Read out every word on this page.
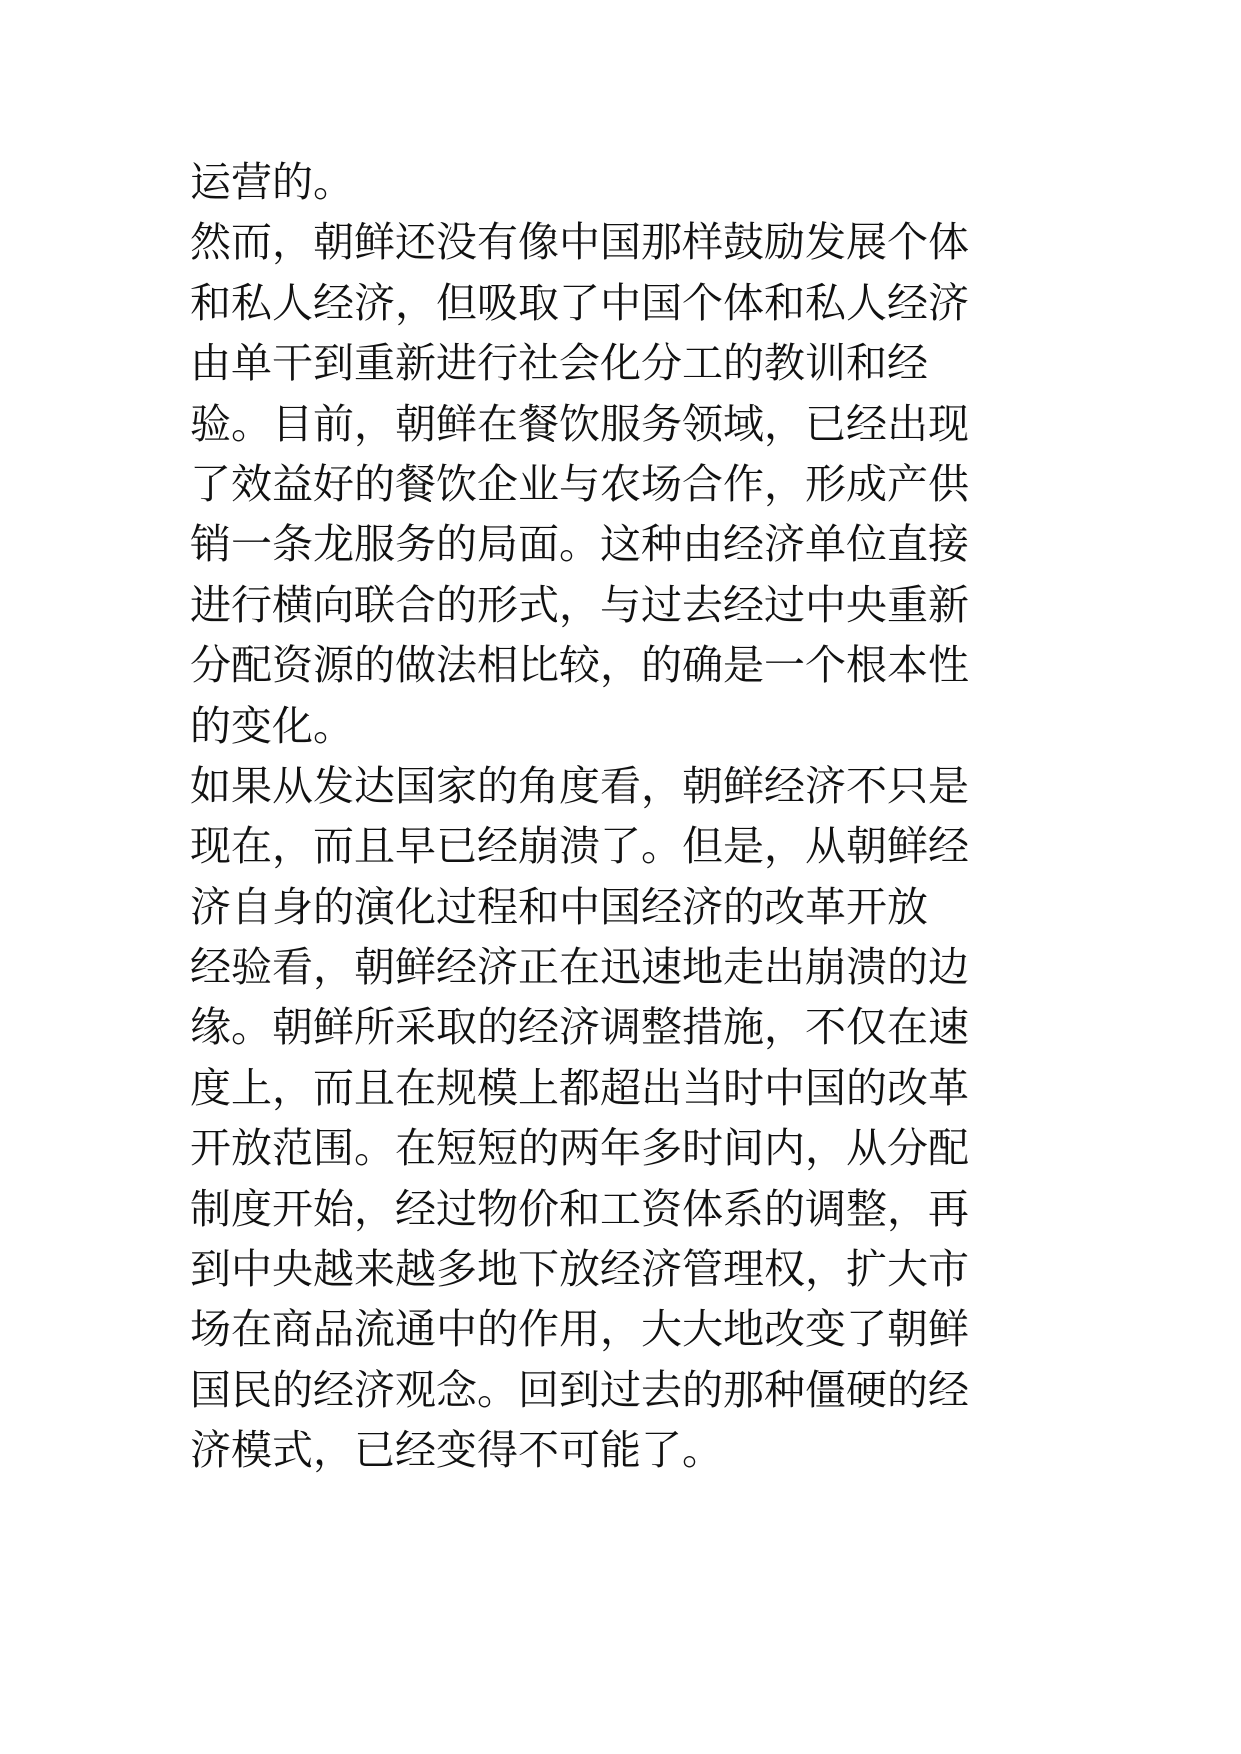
运营的。
然而，朝鲜还没有像中国那样鼓励发展个体
和私人经济，但吸取了中国个体和私人经济
由单干到重新进行社会化分工的教训和经
验。目前，朝鲜在餐饮服务领域，已经出现
了效益好的餐饮企业与农场合作，形成产供
销一条龙服务的局面。这种由经济单位直接
进行横向联合的形式，与过去经过中央重新
分配资源的做法相比较，的确是一个根本性
的变化。
如果从发达国家的角度看，朝鲜经济不只是
现在，而且早已经崩溃了。但是，从朝鲜经
济自身的演化过程和中国经济的改革开放
经验看，朝鲜经济正在迅速地走出崩溃的边
缘。朝鲜所采取的经济调整措施，不仅在速
度上，而且在规模上都超出当时中国的改革
开放范围。在短短的两年多时间内，从分配
制度开始，经过物价和工资体系的调整，再
到中央越来越多地下放经济管理权，扩大市
场在商品流通中的作用，大大地改变了朝鲜
国民的经济观念。回到过去的那种僵硬的经
济模式，已经变得不可能了。
